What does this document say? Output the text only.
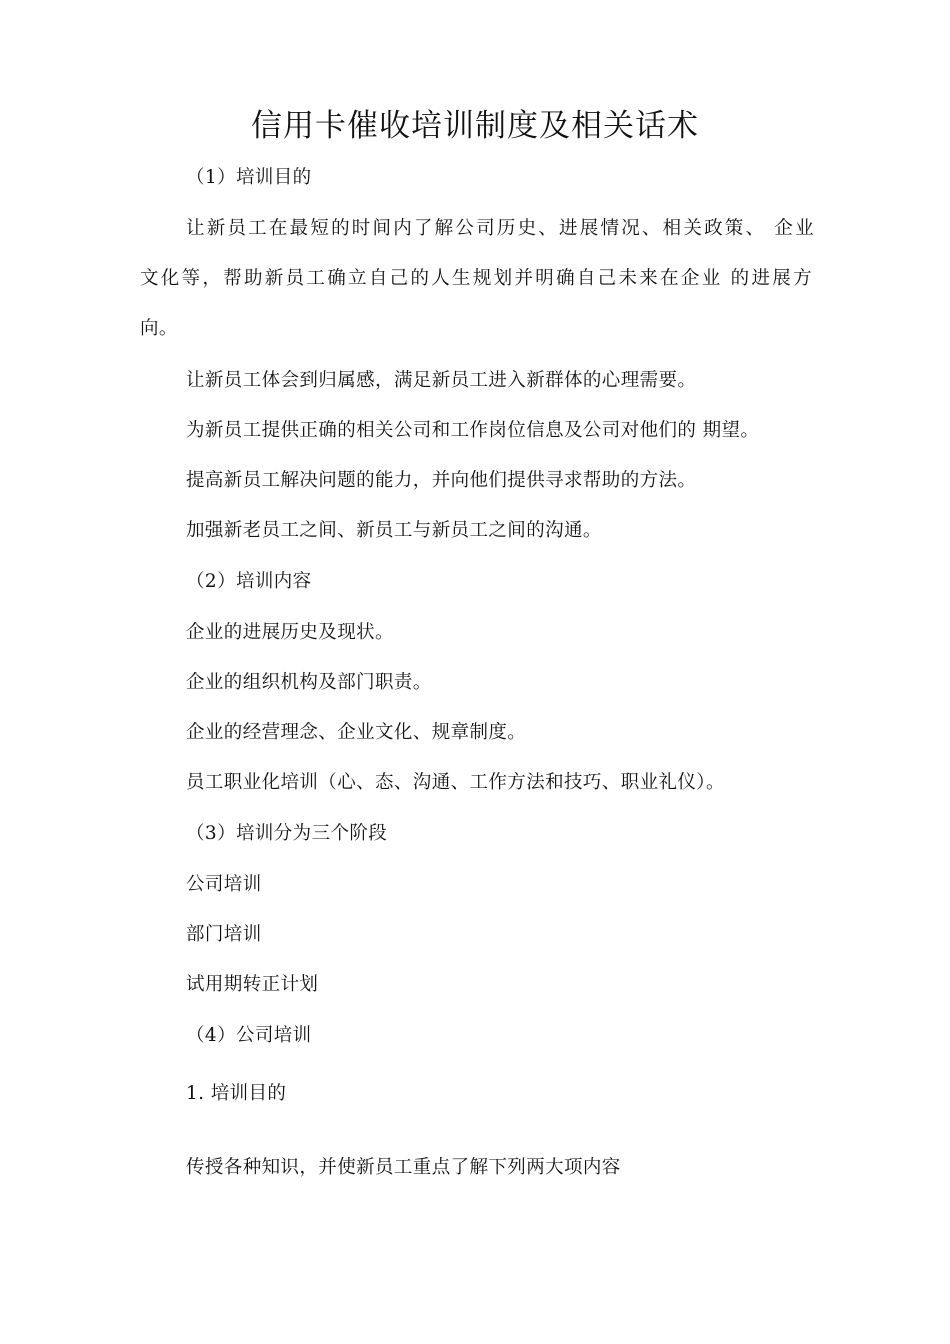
信用卡催收培训制度及相关话术
（1）培训目的
让新员工在最短的时间内了解公司历史、进展情况、相关政策、 企业
文化等，帮助新员工确立自己的人生规划并明确自己未来在企业 的进展方
向。
让新员工体会到归属感，满足新员工进入新群体的心理需要。
为新员工提供正确的相关公司和工作岗位信息及公司对他们的 期望。
提高新员工解决问题的能力，并向他们提供寻求帮助的方法。
加强新老员工之间、新员工与新员工之间的沟通。
（2）培训内容
企业的进展历史及现状。
企业的组织机构及部门职责。
企业的经营理念、企业文化、规章制度。
员工职业化培训（心、态、沟通、工作方法和技巧、职业礼仪）。
（3）培训分为三个阶段
公司培训
部门培训
试用期转正计划
（4）公司培训
1. 培训目的
传授各种知识，并使新员工重点了解下列两大项内容
